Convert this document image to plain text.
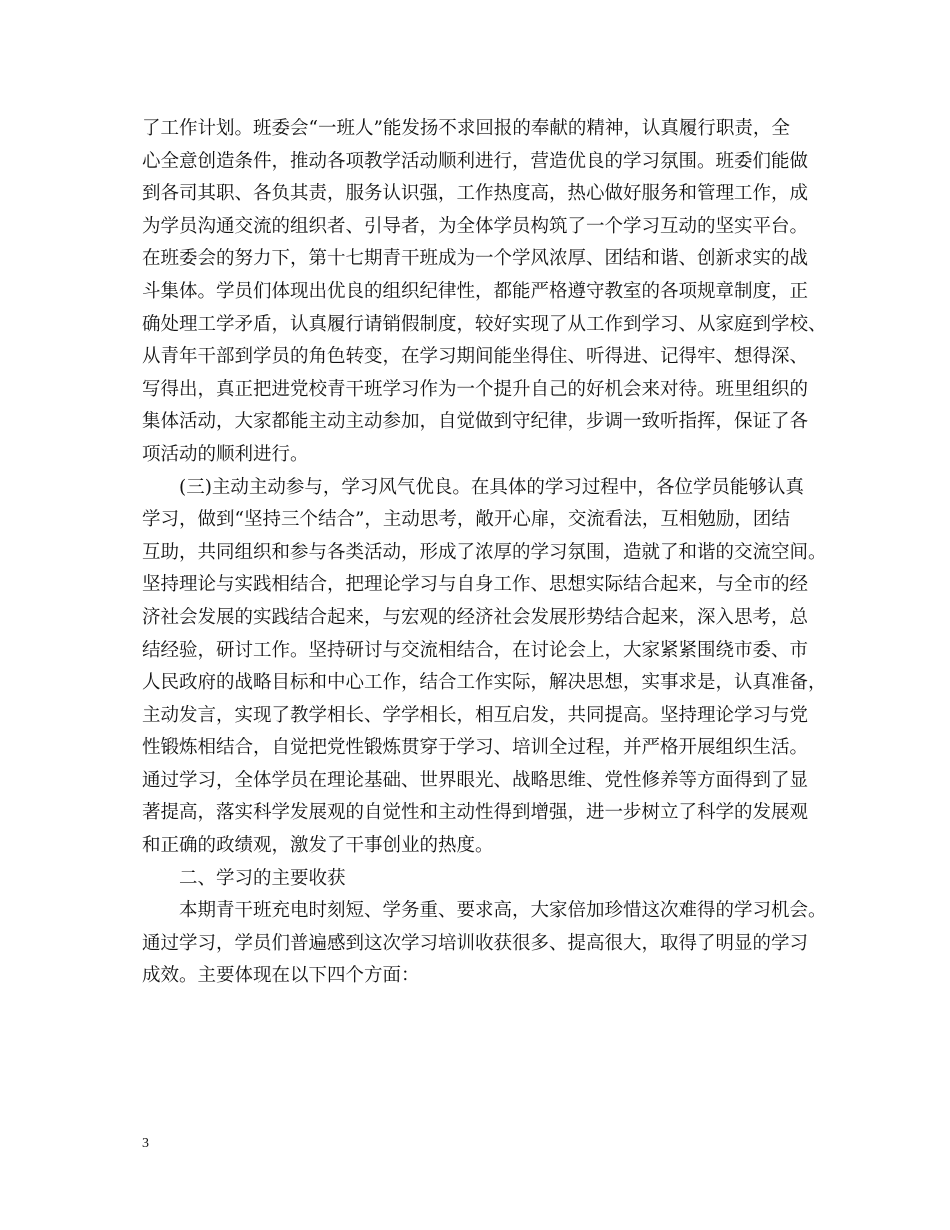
了工作计划。班委会“一班人”能发扬不求回报的奉献的精神，认真履行职责，全
心全意创造条件，推动各项教学活动顺利进行，营造优良的学习氛围。班委们能做
到各司其职、各负其责，服务认识强，工作热度高，热心做好服务和管理工作，成
为学员沟通交流的组织者、引导者，为全体学员构筑了一个学习互动的坚实平台。
在班委会的努力下，第十七期青干班成为一个学风浓厚、团结和谐、创新求实的战
斗集体。学员们体现出优良的组织纪律性，都能严格遵守教室的各项规章制度，正
确处理工学矛盾，认真履行请销假制度，较好实现了从工作到学习、从家庭到学校、
从青年干部到学员的角色转变，在学习期间能坐得住、听得进、记得牢、想得深、
写得出，真正把进党校青干班学习作为一个提升自己的好机会来对待。班里组织的
集体活动，大家都能主动主动参加，自觉做到守纪律，步调一致听指挥，保证了各
项活动的顺利进行。
　　(三)主动主动参与，学习风气优良。在具体的学习过程中，各位学员能够认真
学习，做到“坚持三个结合”，主动思考，敞开心扉，交流看法，互相勉励，团结
互助，共同组织和参与各类活动，形成了浓厚的学习氛围，造就了和谐的交流空间。
坚持理论与实践相结合，把理论学习与自身工作、思想实际结合起来，与全市的经
济社会发展的实践结合起来，与宏观的经济社会发展形势结合起来，深入思考，总
结经验，研讨工作。坚持研讨与交流相结合，在讨论会上，大家紧紧围绕市委、市
人民政府的战略目标和中心工作，结合工作实际，解决思想，实事求是，认真准备，
主动发言，实现了教学相长、学学相长，相互启发，共同提高。坚持理论学习与党
性锻炼相结合，自觉把党性锻炼贯穿于学习、培训全过程，并严格开展组织生活。
通过学习，全体学员在理论基础、世界眼光、战略思维、党性修养等方面得到了显
著提高，落实科学发展观的自觉性和主动性得到增强，进一步树立了科学的发展观
和正确的政绩观，激发了干事创业的热度。
　　二、学习的主要收获
　　本期青干班充电时刻短、学务重、要求高，大家倍加珍惜这次难得的学习机会。
通过学习，学员们普遍感到这次学习培训收获很多、提高很大，取得了明显的学习
成效。主要体现在以下四个方面：
3
